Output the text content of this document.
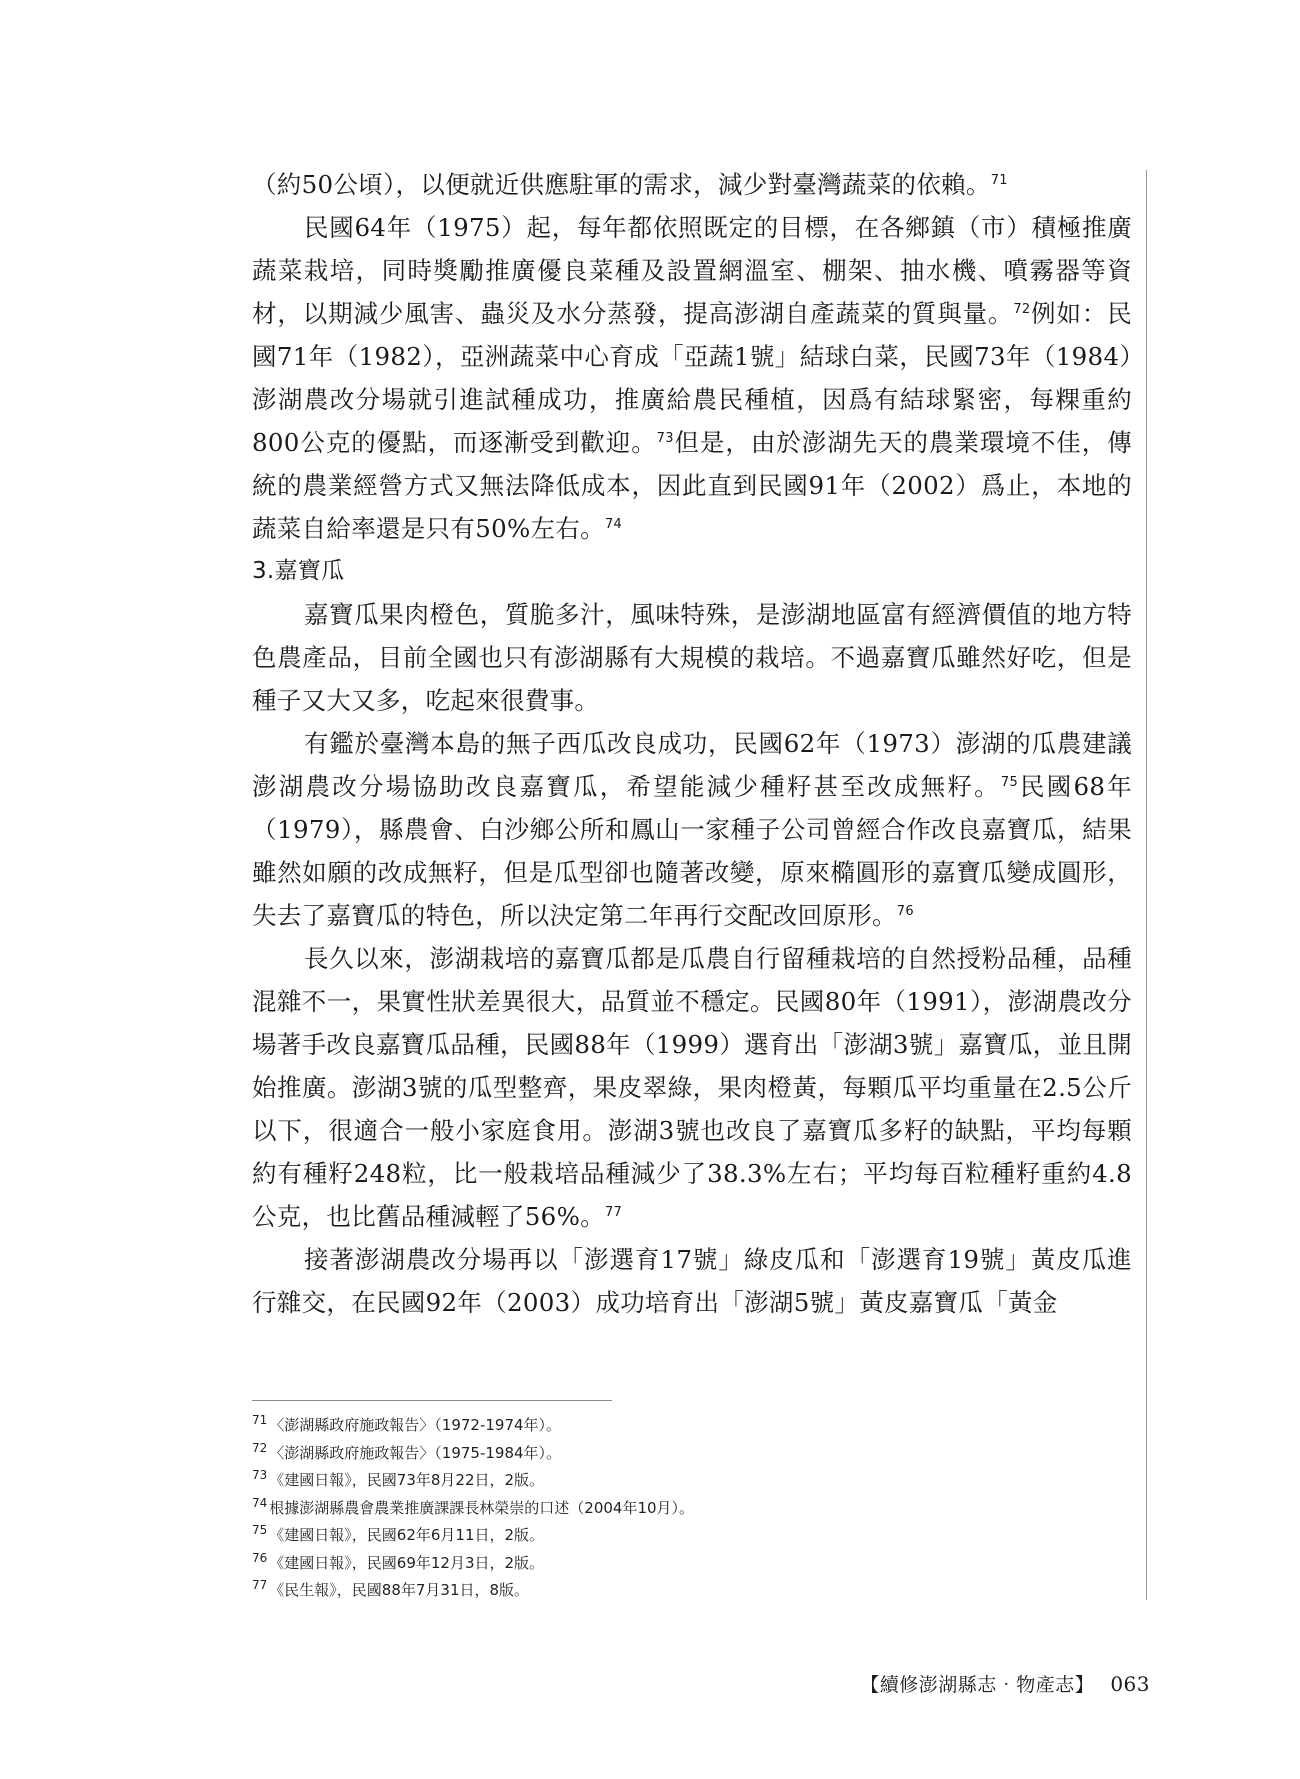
（約50公頃），以便就近供應駐軍的需求，減少對臺灣蔬菜的依賴。$^{71}$

民國64年（1975）起，每年都依照既定的目標，在各鄉鎮（市）積極推廣蔬菜栽培，同時獎勵推廣優良菜種及設置網溫室、棚架、抽水機、噴霧器等資材，以期減少風害、蟲災及水分蒸發，提高澎湖自產蔬菜的質與量。$^{72}$例如：民國71年（1982），亞洲蔬菜中心育成「亞蔬1號」結球白菜，民國73年（1984）澎湖農改分場就引進試種成功，推廣給農民種植，因爲有結球緊密，每粿重約800公克的優點，而逐漸受到歡迎。$^{73}$但是，由於澎湖先天的農業環境不佳，傳統的農業經營方式又無法降低成本，因此直到民國91年（2002）爲止，本地的蔬菜自給率還是只有50%左右。$^{74}$

3.嘉寶瓜

嘉寶瓜果肉橙色，質脆多汁，風味特殊，是澎湖地區富有經濟價值的地方特色農產品，目前全國也只有澎湖縣有大規模的栽培。不過嘉寶瓜雖然好吃，但是種子又大又多，吃起來很費事。

有鑑於臺灣本島的無子西瓜改良成功，民國62年（1973）澎湖的瓜農建議澎湖農改分場協助改良嘉寶瓜，希望能減少種籽甚至改成無籽。$^{75}$民國68年（1979），縣農會、白沙鄉公所和鳳山一家種子公司曾經合作改良嘉寶瓜，結果雖然如願的改成無籽，但是瓜型卻也隨著改變，原來橢圓形的嘉寶瓜變成圓形，失去了嘉寶瓜的特色，所以決定第二年再行交配改回原形。$^{76}$

長久以來，澎湖栽培的嘉寶瓜都是瓜農自行留種栽培的自然授粉品種，品種混雜不一，果實性狀差異很大，品質並不穩定。民國80年（1991），澎湖農改分場著手改良嘉寶瓜品種，民國88年（1999）選育出「澎湖3號」嘉寶瓜，並且開始推廣。澎湖3號的瓜型整齊，果皮翠綠，果肉橙黃，每顆瓜平均重量在2.5公斤以下，很適合一般小家庭食用。澎湖3號也改良了嘉寶瓜多籽的缺點，平均每顆約有種籽248粒，比一般栽培品種減少了38.3%左右；平均每百粒種籽重約4.8公克，也比舊品種減輕了56%。$^{77}$

接著澎湖農改分場再以「澎選育17號」綠皮瓜和「澎選育19號」黃皮瓜進行雜交，在民國92年（2003）成功培育出「澎湖5號」黃皮嘉寶瓜「黃金

$^{71}$ 〈澎湖縣政府施政報告〉（1972-1974年）。
$^{72}$ 〈澎湖縣政府施政報告〉（1975-1984年）。
$^{73}$ 《建國日報》，民國73年8月22日，2版。
$^{74}$ 根據澎湖縣農會農業推廣課課長林榮崇的口述（2004年10月）。
$^{75}$ 《建國日報》，民國62年6月11日，2版。
$^{76}$ 《建國日報》，民國69年12月3日，2版。
$^{77}$ 《民生報》，民國88年7月31日，8版。
【續修澎湖縣志‧物產志】 063
